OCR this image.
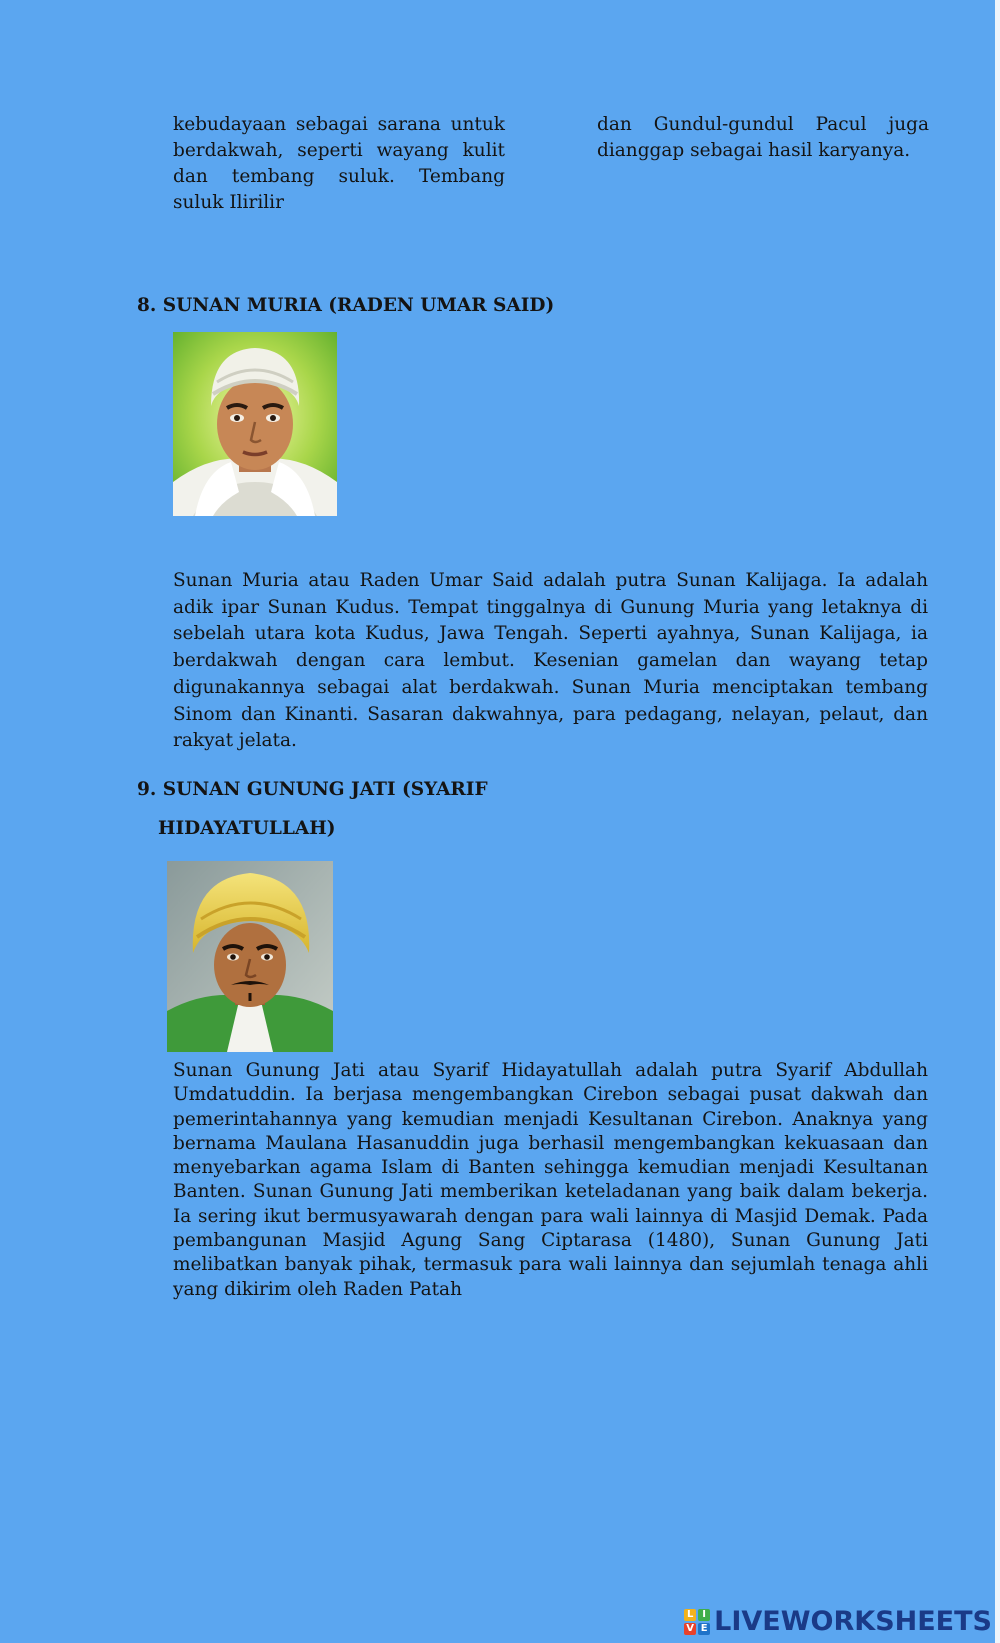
kebudayaan sebagai sarana untuk berdakwah, seperti wayang kulit dan tembang suluk. Tembang suluk Ilirilir
dan Gundul-gundul Pacul juga dianggap sebagai hasil karyanya.
8. SUNAN MURIA (RADEN UMAR SAID)

Sunan Muria atau Raden Umar Said adalah putra Sunan Kalijaga. Ia adalah adik ipar Sunan Kudus. Tempat tinggalnya di Gunung Muria yang letaknya di sebelah utara kota Kudus, Jawa Tengah. Seperti ayahnya, Sunan Kalijaga, ia berdakwah dengan cara lembut. Kesenian gamelan dan wayang tetap digunakannya sebagai alat berdakwah. Sunan Muria menciptakan tembang Sinom dan Kinanti. Sasaran dakwahnya, para pedagang, nelayan, pelaut, dan rakyat jelata.

9. SUNAN GUNUNG JATI (SYARIF
HIDAYATULLAH)

Sunan Gunung Jati atau Syarif Hidayatullah adalah putra Syarif Abdullah Umdatuddin. Ia berjasa mengembangkan Cirebon sebagai pusat dakwah dan pemerintahannya yang kemudian menjadi Kesultanan Cirebon. Anaknya yang bernama Maulana Hasanuddin juga berhasil mengembangkan kekuasaan dan menyebarkan agama Islam di Banten sehingga kemudian menjadi Kesultanan Banten. Sunan Gunung Jati memberikan keteladanan yang baik dalam bekerja. Ia sering ikut bermusyawarah dengan para wali lainnya di Masjid Demak. Pada pembangunan Masjid Agung Sang Ciptarasa (1480), Sunan Gunung Jati melibatkan banyak pihak, termasuk para wali lainnya dan sejumlah tenaga ahli yang dikirim oleh Raden Patah

L I
V E LIVEWORKSHEETS
